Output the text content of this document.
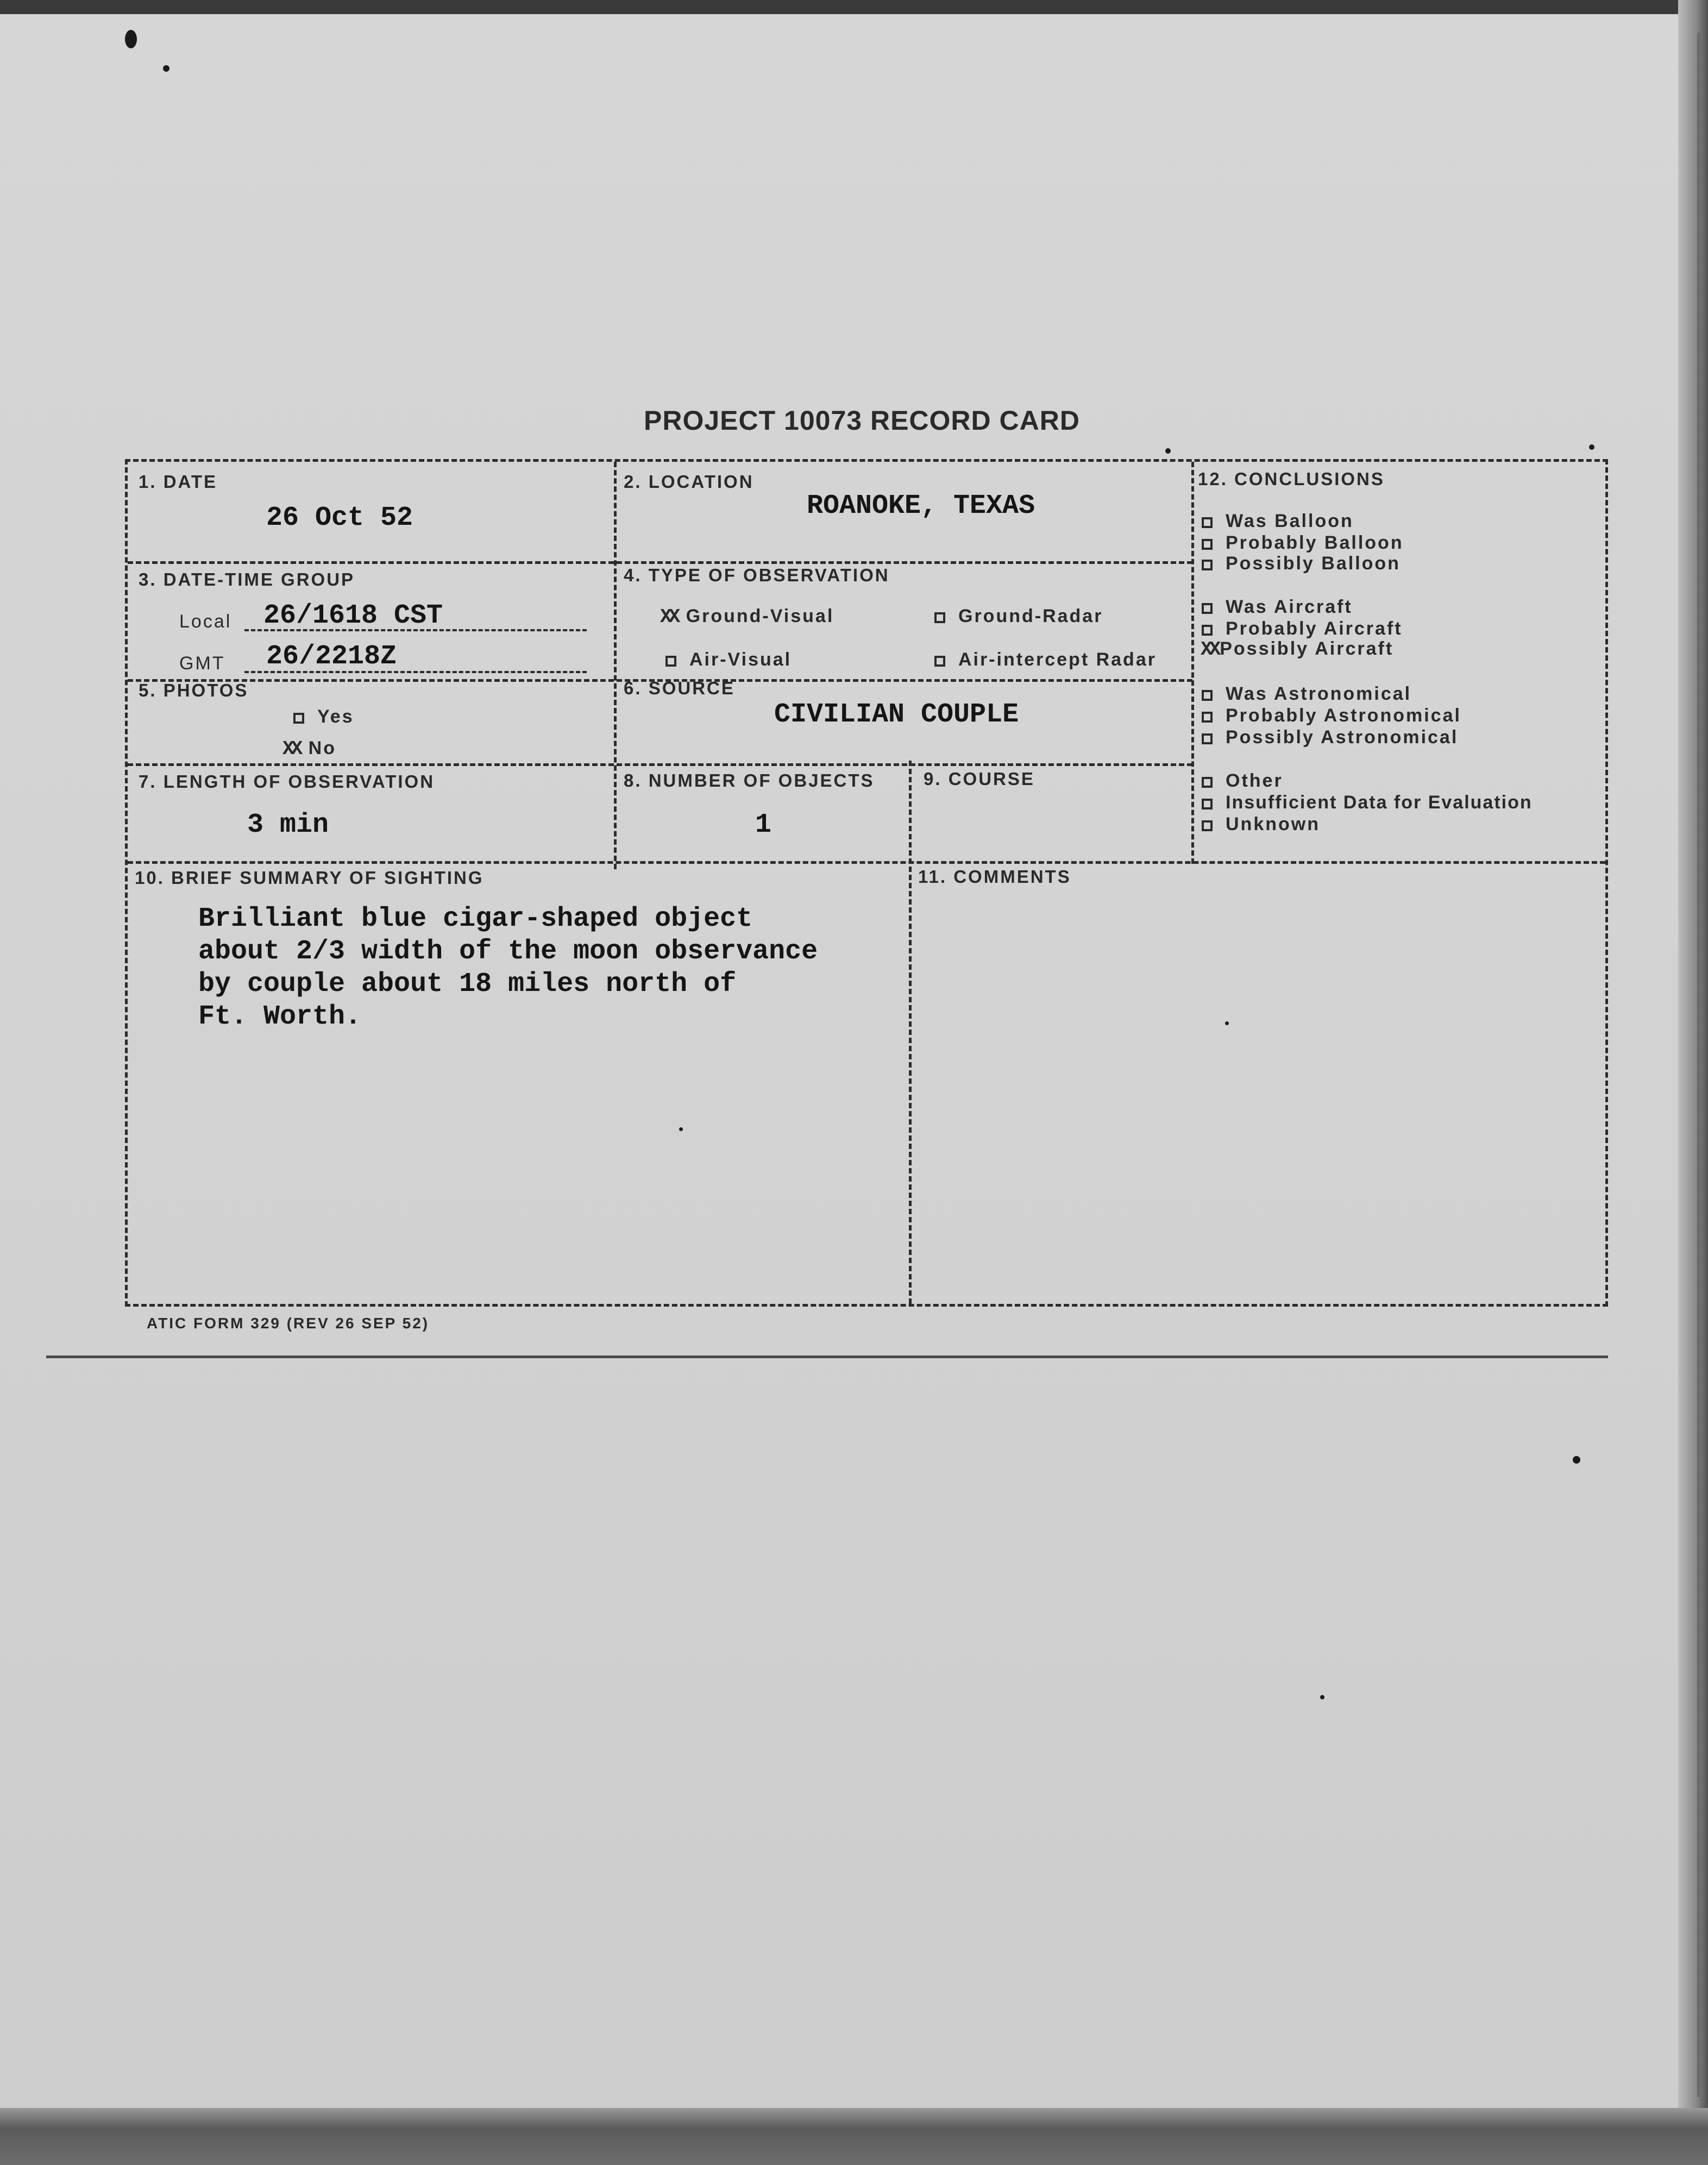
PROJECT 10073 RECORD CARD
1. DATE
26 Oct 52
2. LOCATION
ROANOKE, TEXAS
3. DATE-TIME GROUP
Local 26/1618 CST
GMT 26/2218Z
4. TYPE OF OBSERVATION
XX Ground-Visual	Ground-Radar
Air-Visual	Air-intercept Radar
5. PHOTOS
Yes
XX No
6. SOURCE
CIVILIAN COUPLE
7. LENGTH OF OBSERVATION
3 min
8. NUMBER OF OBJECTS
1
9. COURSE
10. BRIEF SUMMARY OF SIGHTING
Brilliant blue cigar-shaped object
about 2/3 width of the moon observance
by couple about 18 miles north of
Ft. Worth.
11. COMMENTS
12. CONCLUSIONS
Was Balloon
Probably Balloon
Possibly Balloon
Was Aircraft
Probably Aircraft
XX Possibly Aircraft
Was Astronomical
Probably Astronomical
Possibly Astronomical
Other
Insufficient Data for Evaluation
Unknown
ATIC FORM 329 (REV 26 SEP 52)
